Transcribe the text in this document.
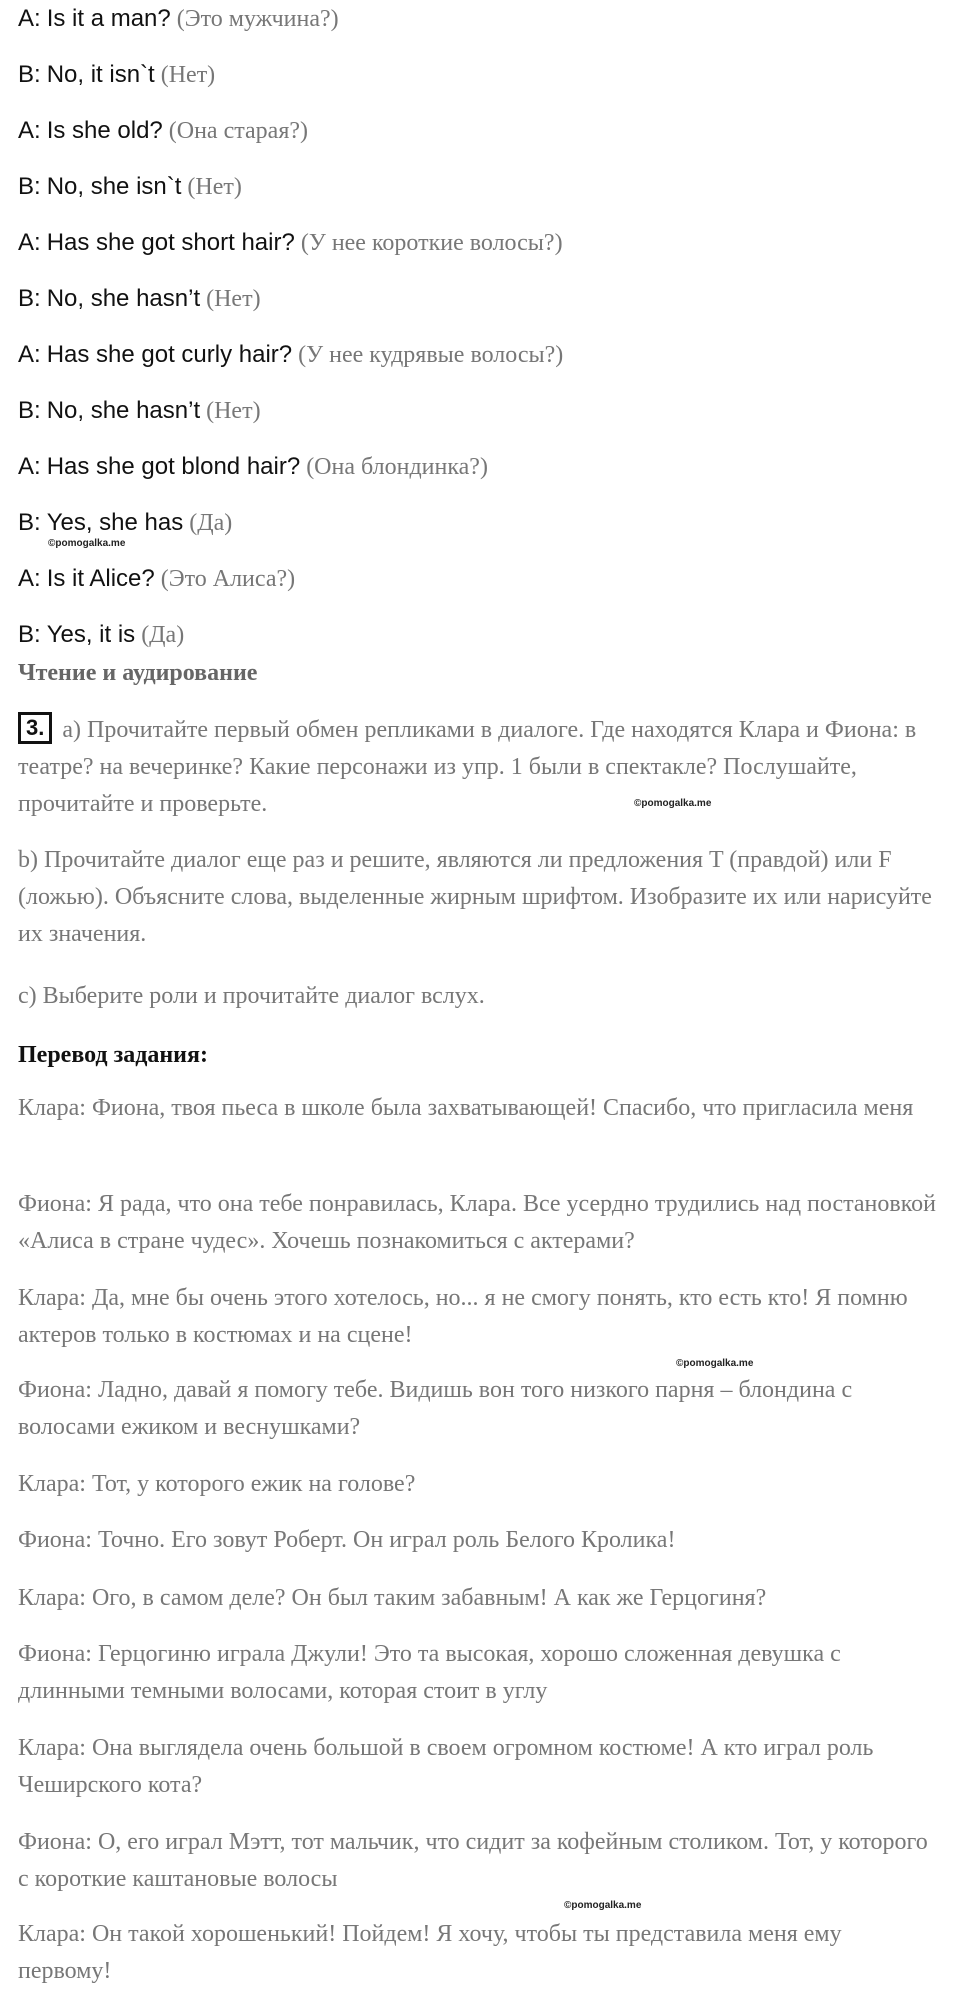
A: Is it a man? (Это мужчина?)
B: No, it isn`t (Нет)
A: Is she old? (Она старая?)
B: No, she isn`t (Нет)
A: Has she got short hair? (У нее короткие волосы?)
B: No, she hasn’t (Нет)
A: Has she got curly hair? (У нее кудрявые волосы?)
B: No, she hasn’t (Нет)
A: Has she got blond hair? (Она блондинка?)
B: Yes, she has (Да)
©pomogalka.me
A: Is it Alice? (Это Алиса?)
B: Yes, it is (Да)
Чтение и аудирование

3. а) Прочитайте первый обмен репликами в диалоге. Где находятся Клара и Фиона: в театре? на вечеринке? Какие персонажи из упр. 1 были в спектакле? Послушайте, прочитайте и проверьте.	©pomogalka.me
b) Прочитайте диалог еще раз и решите, являются ли предложения T (правдой) или F (ложью). Объясните слова, выделенные жирным шрифтом. Изобразите их или нарисуйте их значения.
c) Выберите роли и прочитайте диалог вслух.
Перевод задания:
Клара: Фиона, твоя пьеса в школе была захватывающей! Спасибо, что пригласила меня
Фиона: Я рада, что она тебе понравилась, Клара. Все усердно трудились над постановкой «Алиса в стране чудес». Хочешь познакомиться с актерами?
Клара: Да, мне бы очень этого хотелось, но... я не смогу понять, кто есть кто! Я помню актеров только в костюмах и на сцене!
©pomogalka.me
Фиона: Ладно, давай я помогу тебе. Видишь вон того низкого парня – блондина с волосами ежиком и веснушками?
Клара: Тот, у которого ежик на голове?
Фиона: Точно. Его зовут Роберт. Он играл роль Белого Кролика!
Клара: Ого, в самом деле? Он был таким забавным! А как же Герцогиня?
Фиона: Герцогиню играла Джули! Это та высокая, хорошо сложенная девушка с длинными темными волосами, которая стоит в углу
Клара: Она выглядела очень большой в своем огромном костюме! А кто играл роль Чеширского кота?
Фиона: О, его играл Мэтт, тот мальчик, что сидит за кофейным столиком. Тот, у которого с короткие каштановые волосы
©pomogalka.me
Клара: Он такой хорошенький! Пойдем! Я хочу, чтобы ты представила меня ему первому!
